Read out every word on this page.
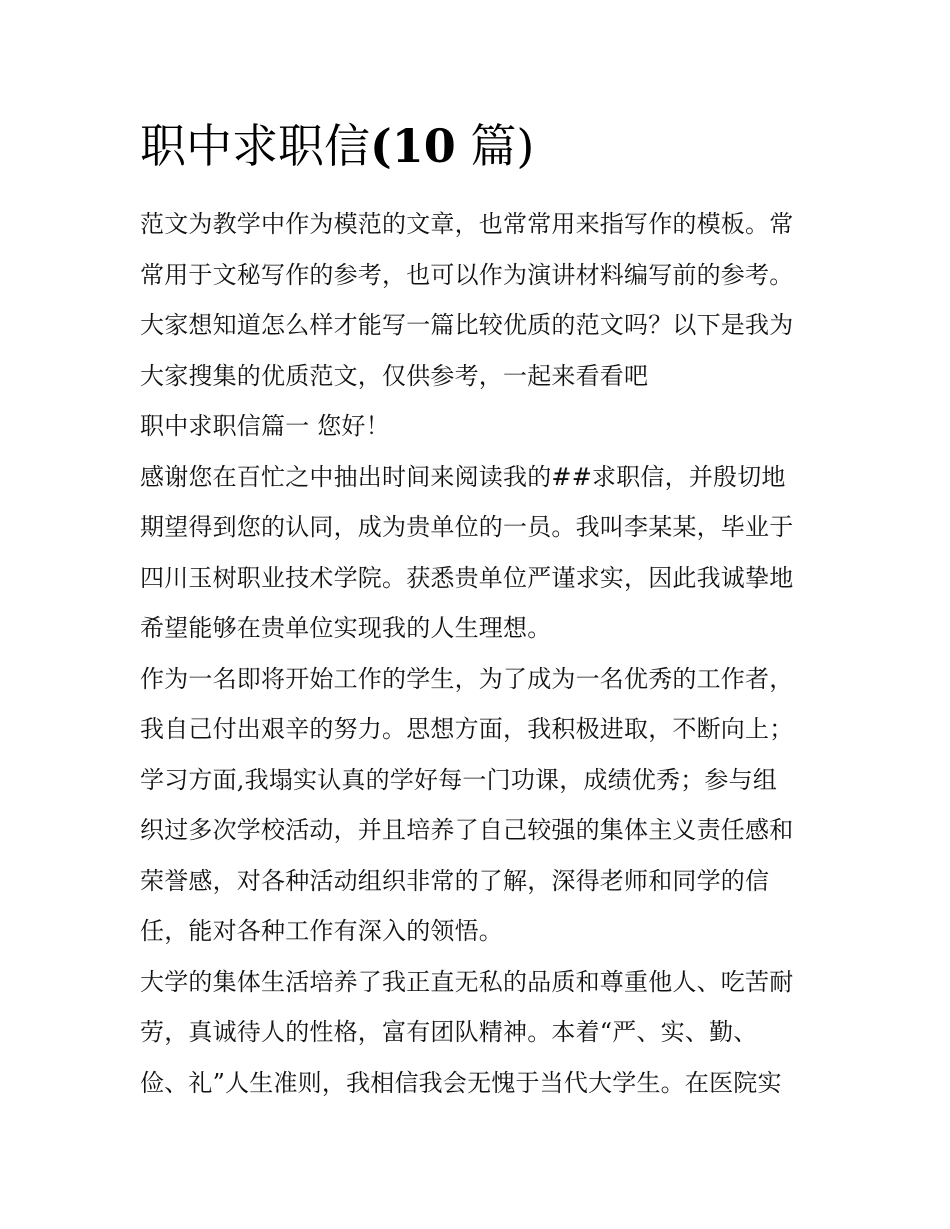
职中求职信(10 篇)
范文为教学中作为模范的文章，也常常用来指写作的模板。常
常用于文秘写作的参考，也可以作为演讲材料编写前的参考。
大家想知道怎么样才能写一篇比较优质的范文吗？以下是我为
大家搜集的优质范文，仅供参考，一起来看看吧
职中求职信篇一 您好！
感谢您在百忙之中抽出时间来阅读我的##求职信，并殷切地
期望得到您的认同，成为贵单位的一员。我叫李某某，毕业于
四川玉树职业技术学院。获悉贵单位严谨求实，因此我诚挚地
希望能够在贵单位实现我的人生理想。
作为一名即将开始工作的学生，为了成为一名优秀的工作者，
我自己付出艰辛的努力。思想方面，我积极进取，不断向上；
学习方面,我塌实认真的学好每一门功课，成绩优秀；参与组
织过多次学校活动，并且培养了自己较强的集体主义责任感和
荣誉感，对各种活动组织非常的了解，深得老师和同学的信
任，能对各种工作有深入的领悟。
大学的集体生活培养了我正直无私的品质和尊重他人、吃苦耐
劳，真诚待人的性格，富有团队精神。本着“严、实、勤、
俭、礼”人生准则，我相信我会无愧于当代大学生。在医院实
